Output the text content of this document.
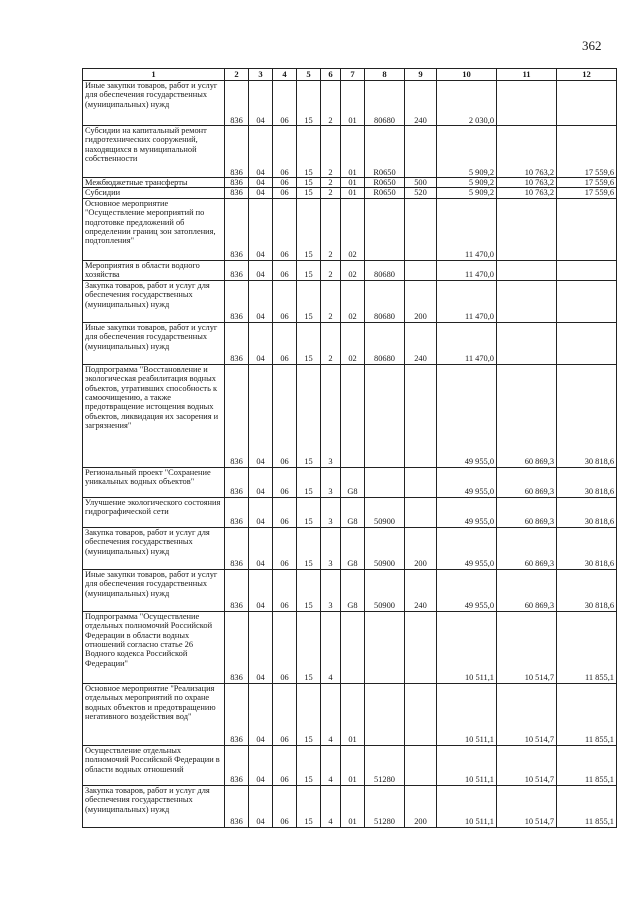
362
1	2	3	4	5	6	7	8	9	10	11	12
Иные закупки товаров, работ и услуг для обеспечения государственных (муниципальных) нужд	836	04	06	15	2	01	80680	240	2 030,0		
Субсидии на капитальный ремонт гидротехнических сооружений, находящихся в муниципальной собственности	836	04	06	15	2	01	R0650		5 909,2	10 763,2	17 559,6
Межбюджетные трансферты	836	04	06	15	2	01	R0650	500	5 909,2	10 763,2	17 559,6
Субсидии	836	04	06	15	2	01	R0650	520	5 909,2	10 763,2	17 559,6
Основное мероприятие "Осуществление мероприятий по подготовке предложений об определении границ зон затопления, подтопления"	836	04	06	15	2	02			11 470,0		
Мероприятия в области водного хозяйства	836	04	06	15	2	02	80680		11 470,0		
Закупка товаров, работ и услуг для обеспечения государственных (муниципальных) нужд	836	04	06	15	2	02	80680	200	11 470,0		
Иные закупки товаров, работ и услуг для обеспечения государственных (муниципальных) нужд	836	04	06	15	2	02	80680	240	11 470,0		
Подпрограмма "Восстановление и экологическая реабилитация водных объектов, утративших способность к самоочищению, а также предотвращение истощения водных объектов, ликвидация их засорения и загрязнения"	836	04	06	15	3				49 955,0	60 869,3	30 818,6
Региональный проект "Сохранение уникальных водных объектов"	836	04	06	15	3	G8			49 955,0	60 869,3	30 818,6
Улучшение экологического состояния гидрографической сети	836	04	06	15	3	G8	50900		49 955,0	60 869,3	30 818,6
Закупка товаров, работ и услуг для обеспечения государственных (муниципальных) нужд	836	04	06	15	3	G8	50900	200	49 955,0	60 869,3	30 818,6
Иные закупки товаров, работ и услуг для обеспечения государственных (муниципальных) нужд	836	04	06	15	3	G8	50900	240	49 955,0	60 869,3	30 818,6
Подпрограмма "Осуществление отдельных полномочий Российской Федерации в области водных отношений согласно статье 26 Водного кодекса Российской Федерации"	836	04	06	15	4				10 511,1	10 514,7	11 855,1
Основное мероприятие "Реализация отдельных мероприятий по охране водных объектов и предотвращению негативного воздействия вод"	836	04	06	15	4	01			10 511,1	10 514,7	11 855,1
Осуществление отдельных полномочий Российской Федерации в области водных отношений	836	04	06	15	4	01	51280		10 511,1	10 514,7	11 855,1
Закупка товаров, работ и услуг для обеспечения государственных (муниципальных) нужд	836	04	06	15	4	01	51280	200	10 511,1	10 514,7	11 855,1
